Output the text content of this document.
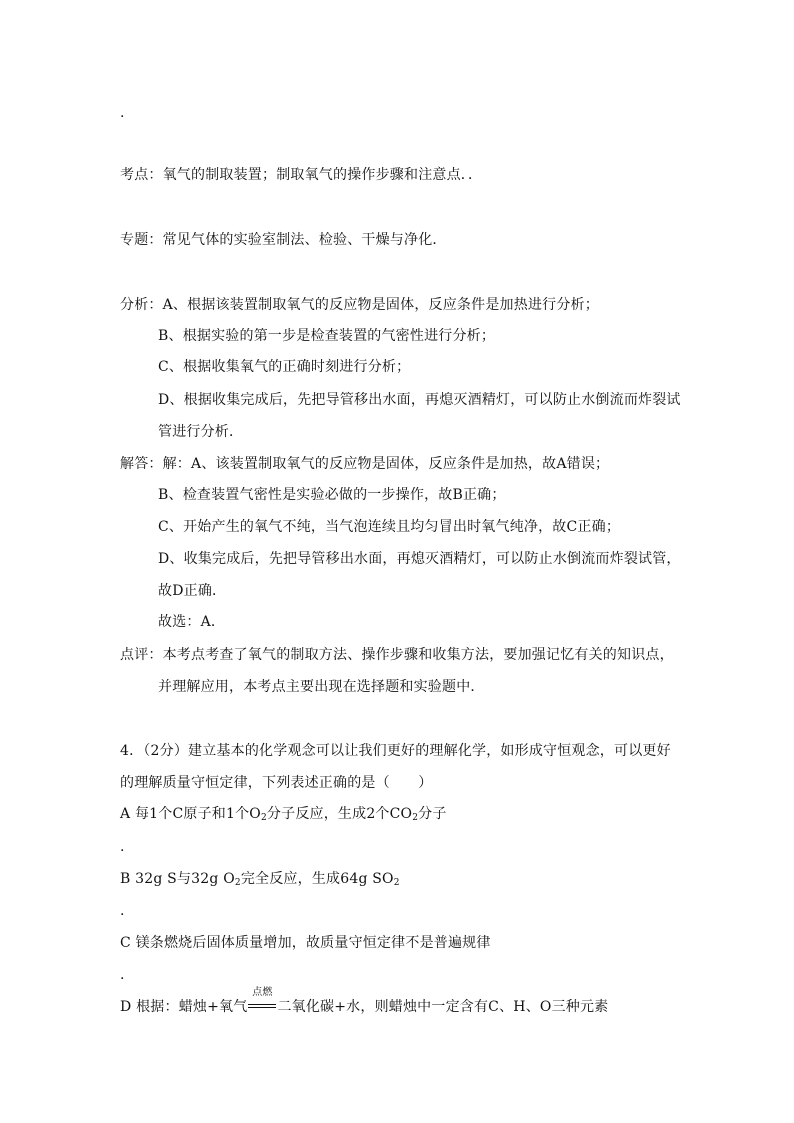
.
考点：氧气的制取装置；制取氧气的操作步骤和注意点．．
专题：常见气体的实验室制法、检验、干燥与净化．
分析：A、根据该装置制取氧气的反应物是固体，反应条件是加热进行分析；
B、根据实验的第一步是检查装置的气密性进行分析；
C、根据收集氧气的正确时刻进行分析；
D、根据收集完成后，先把导管移出水面，再熄灭酒精灯，可以防止水倒流而炸裂试
管进行分析．
解答：解：A、该装置制取氧气的反应物是固体，反应条件是加热，故A错误；
B、检查装置气密性是实验必做的一步操作，故B正确；
C、开始产生的氧气不纯，当气泡连续且均匀冒出时氧气纯净，故C正确；
D、收集完成后，先把导管移出水面，再熄灭酒精灯，可以防止水倒流而炸裂试管，
故D正确．
故选：A．
点评：本考点考查了氧气的制取方法、操作步骤和收集方法，要加强记忆有关的知识点，
并理解应用，本考点主要出现在选择题和实验题中．
4．（2分）建立基本的化学观念可以让我们更好的理解化学，如形成守恒观念，可以更好
的理解质量守恒定律，下列表述正确的是（　　）
A 每1个C原子和1个$O_2$分子反应，生成2个$CO_2$分子
.
B 32g S与32g $O_2$完全反应，生成64g $SO_2$
.
C 镁条燃烧后固体质量增加，故质量守恒定律不是普遍规律
.
D 根据：蜡烛+氧气
点燃
二氧化碳+水，则蜡烛中一定含有C、H、O三种元素
